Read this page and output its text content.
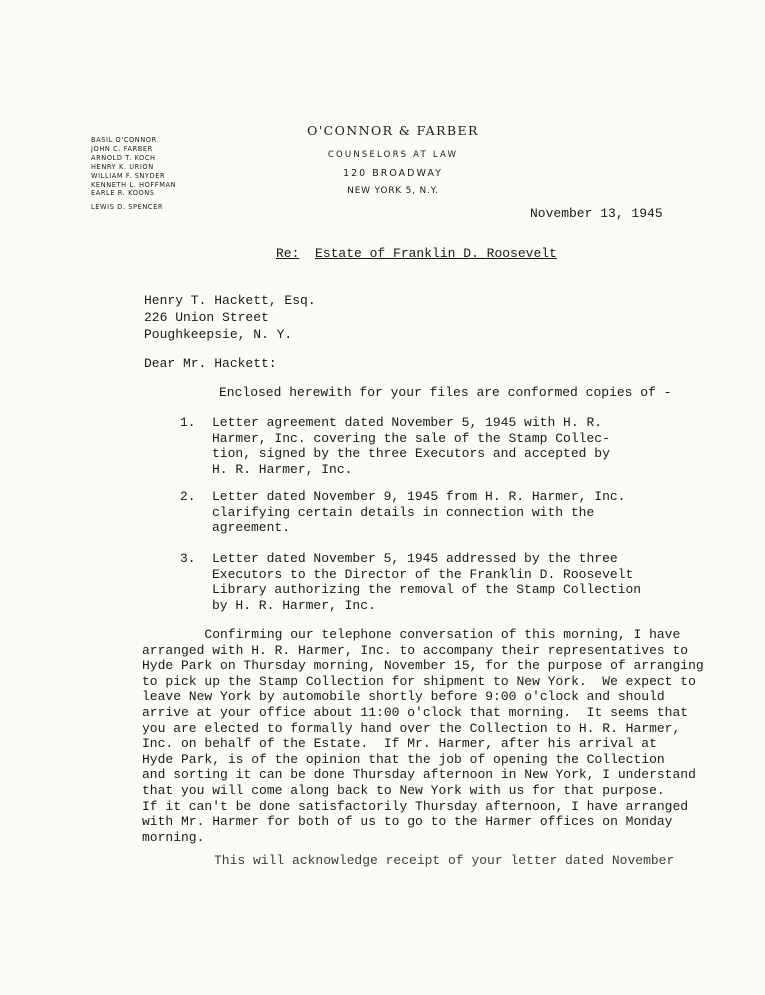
BASIL O'CONNOR
JOHN C. FARBER
ARNOLD T. KOCH
HENRY K. URION
WILLIAM F. SNYDER
KENNETH L. HOFFMAN
EARLE R. KOONS
LEWIS D. SPENCER
O'CONNOR & FARBER
COUNSELORS AT LAW
120 BROADWAY
NEW YORK 5, N.Y.
November 13, 1945
Re: Estate of Franklin D. Roosevelt
Henry T. Hackett, Esq.
226 Union Street
Poughkeepsie, N. Y.
Dear Mr. Hackett:
Enclosed herewith for your files are conformed copies of -
1.	Letter agreement dated November 5, 1945 with H. R.
Harmer, Inc. covering the sale of the Stamp Collec-
tion, signed by the three Executors and accepted by
H. R. Harmer, Inc.
2.	Letter dated November 9, 1945 from H. R. Harmer, Inc.
clarifying certain details in connection with the
agreement.
3.	Letter dated November 5, 1945 addressed by the three
Executors to the Director of the Franklin D. Roosevelt
Library authorizing the removal of the Stamp Collection
by H. R. Harmer, Inc.
Confirming our telephone conversation of this morning, I have
arranged with H. R. Harmer, Inc. to accompany their representatives to
Hyde Park on Thursday morning, November 15, for the purpose of arranging
to pick up the Stamp Collection for shipment to New York.  We expect to
leave New York by automobile shortly before 9:00 o'clock and should
arrive at your office about 11:00 o'clock that morning.  It seems that
you are elected to formally hand over the Collection to H. R. Harmer,
Inc. on behalf of the Estate.  If Mr. Harmer, after his arrival at
Hyde Park, is of the opinion that the job of opening the Collection
and sorting it can be done Thursday afternoon in New York, I understand
that you will come along back to New York with us for that purpose.
If it can't be done satisfactorily Thursday afternoon, I have arranged
with Mr. Harmer for both of us to go to the Harmer offices on Monday
morning.
This will acknowledge receipt of your letter dated November
